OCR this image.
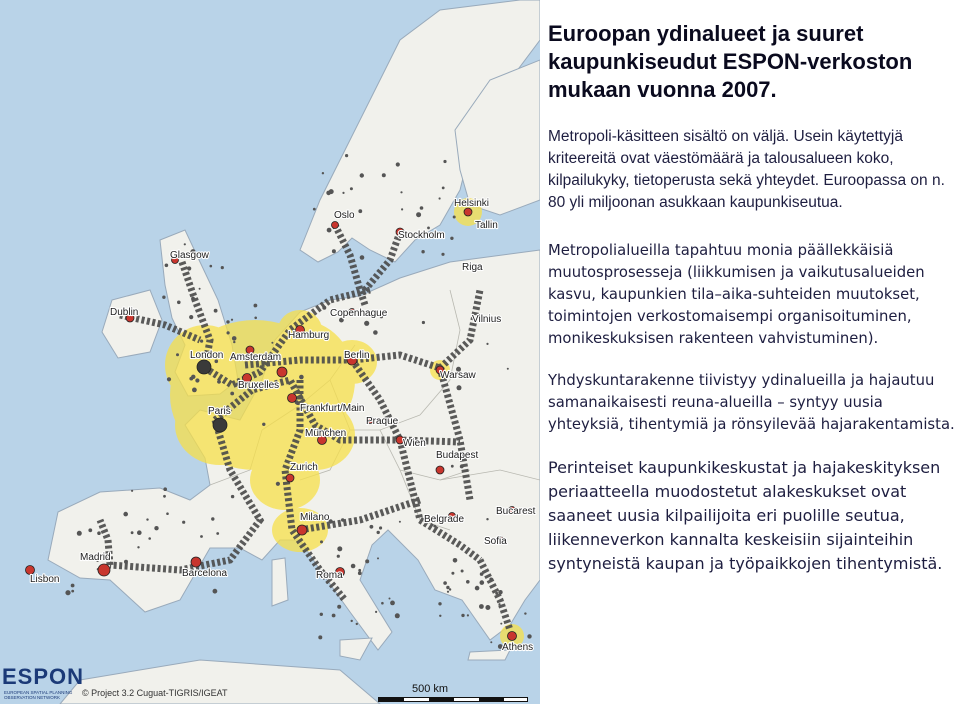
Oslo
Stockholm
Helsinki
Tallin
Riga
Glasgow
Dublin	Copenhague
Hamburg
Vilnius
Amsterdam
London	Berlin
Warsaw
Bruxelles
Paris	Frankfurt/Main
Praque
München
Wien
Zurich
Budapest
Milano	Belgrade
Bucarest
Sofia
Madrid
Barcelona
Lisbon	Roma
Athens
ESPON
EUROPEAN SPATIAL PLANNING OBSERVATION NETWORK	© Project 3.2 Cuguat-TIGRIS/IGEAT	500 km
Euroopan ydinalueet ja suuret kaupunkiseudut ESPON-verkoston mukaan vuonna 2007.

Metropoli-käsitteen sisältö on väljä. Usein käytettyjä kriteereitä ovat väestömäärä ja talousalueen koko, kilpailukyky, tietoperusta sekä yhteydet. Euroopassa on n. 80 yli miljoonan asukkaan kaupunkiseutua.

Metropolialueilla tapahtuu monia päällekkäisiä muutosprosesseja (liikkumisen ja vaikutusalueiden kasvu, kaupunkien tila–aika-suhteiden muutokset, toimintojen verkostomaisempi organisoituminen, monikeskuksisen rakenteen vahvistuminen).

Yhdyskuntarakenne tiivistyy ydinalueilla ja hajautuu samanaikaisesti reuna-alueilla – syntyy uusia yhteyksiä, tihentymiä ja rönsyilevää hajarakentamista.

Perinteiset kaupunkikeskustat ja hajakeskityksen periaatteella muodostetut alakeskukset ovat saaneet uusia kilpailijoita eri puolille seutua, liikenneverkon kannalta keskeisiin sijainteihin syntyneistä kaupan ja työpaikkojen tihentymistä.
